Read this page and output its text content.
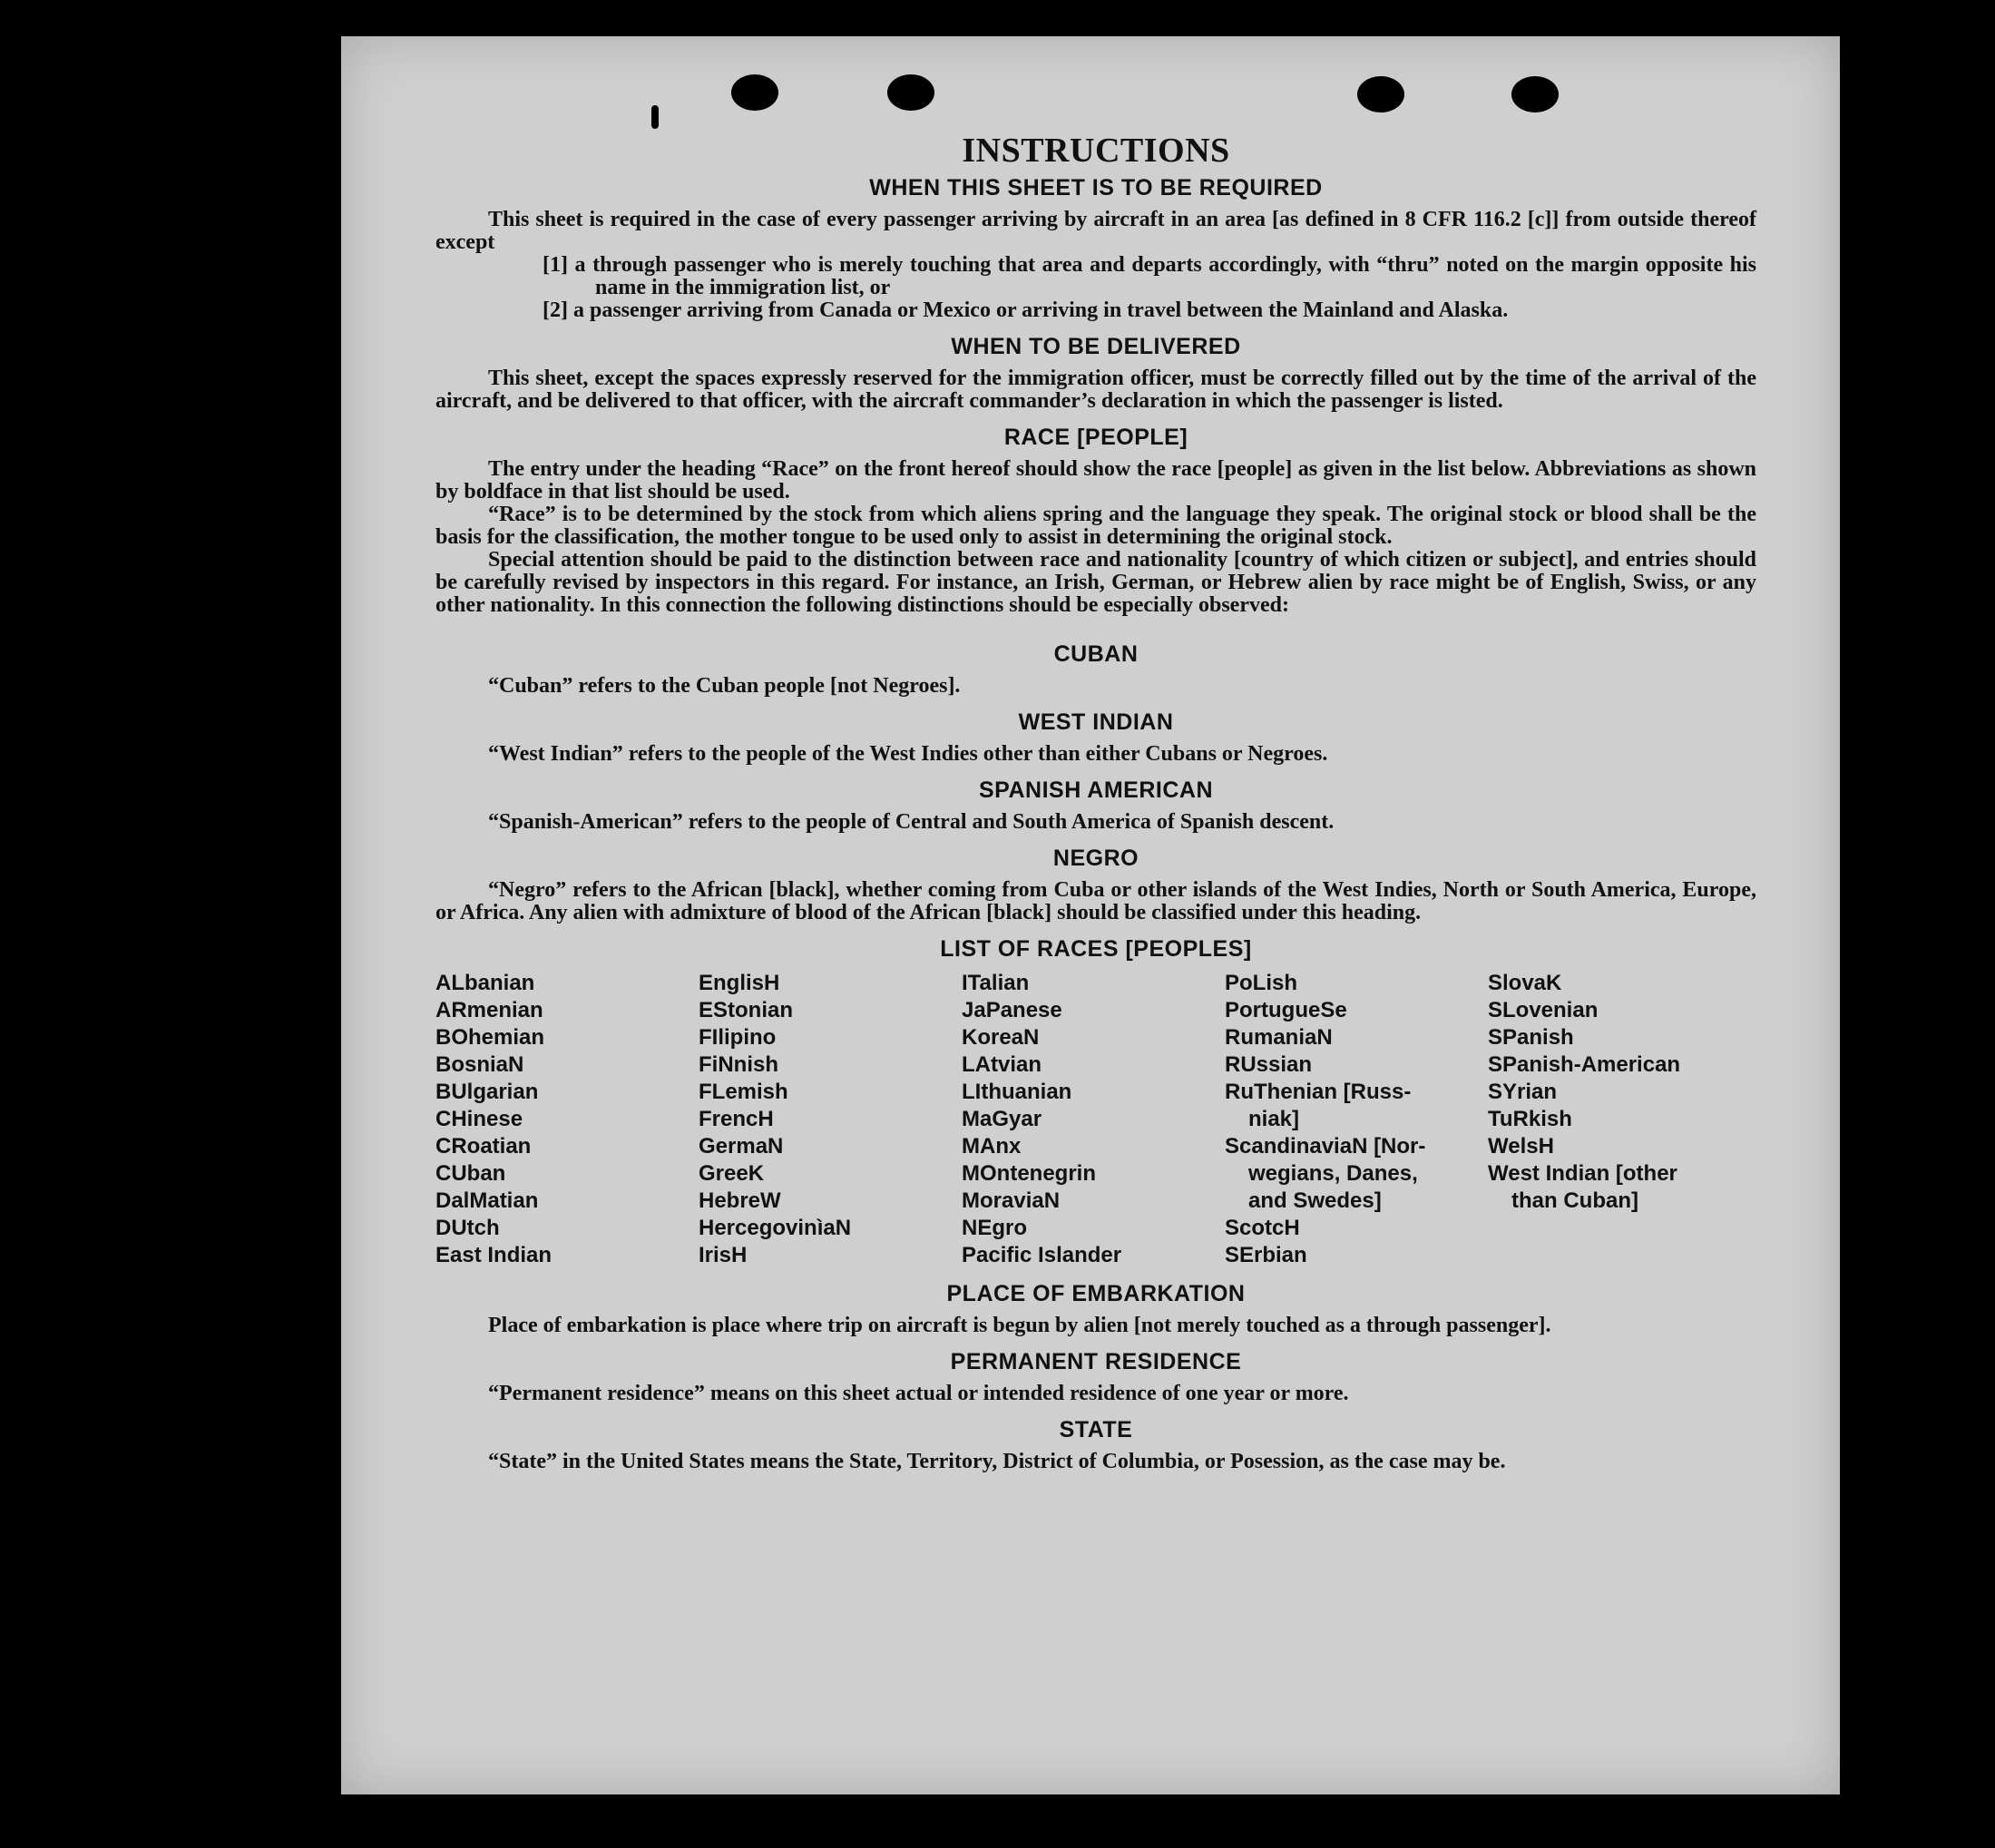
INSTRUCTIONS
WHEN THIS SHEET IS TO BE REQUIRED

This sheet is required in the case of every passenger arriving by aircraft in an area [as defined in 8 CFR 116.2 [c]] from outside thereof except

[1] a through passenger who is merely touching that area and departs accordingly, with “thru” noted on the margin opposite his name in the immigration list, or

[2] a passenger arriving from Canada or Mexico or arriving in travel between the Mainland and Alaska.

WHEN TO BE DELIVERED

This sheet, except the spaces expressly reserved for the immigration officer, must be correctly filled out by the time of the arrival of the aircraft, and be delivered to that officer, with the aircraft commander’s declaration in which the passenger is listed.

RACE [PEOPLE]

The entry under the heading “Race” on the front hereof should show the race [people] as given in the list below. Abbreviations as shown by boldface in that list should be used.

“Race” is to be determined by the stock from which aliens spring and the language they speak. The original stock or blood shall be the basis for the classification, the mother tongue to be used only to assist in determining the original stock.

Special attention should be paid to the distinction between race and nationality [country of which citizen or subject], and entries should be carefully revised by inspectors in this regard. For instance, an Irish, German, or Hebrew alien by race might be of English, Swiss, or any other nationality. In this connection the following distinctions should be especially observed:

CUBAN

“Cuban” refers to the Cuban people [not Negroes].

WEST INDIAN

“West Indian” refers to the people of the West Indies other than either Cubans or Negroes.

SPANISH AMERICAN

“Spanish-American” refers to the people of Central and South America of Spanish descent.

NEGRO

“Negro” refers to the African [black], whether coming from Cuba or other islands of the West Indies, North or South America, Europe, or Africa. Any alien with admixture of blood of the African [black] should be classified under this heading.

LIST OF RACES [PEOPLES]
ALbanian
ARmenian
BOhemian
BosniaN
BUlgarian
CHinese
CRoatian
CUban
DalMatian
DUtch
East Indian
EnglisH
EStonian
FIlipino
FiNnish
FLemish
FrencH
GermaN
GreeK
HebreW
HercegovinìaN
IrisH
ITalian
JaPanese
KoreaN
LAtvian
LIthuanian
MaGyar
MAnx
MOntenegrin
MoraviaN
NEgro
Pacific Islander
PoLish
PortugueSe
RumaniaN
RUssian
RuThenian [Russ-
niak]
ScandinaviaN [Nor-
wegians, Danes,
and Swedes]
ScotcH
SErbian
SlovaK
SLovenian
SPanish
SPanish-American
SYrian
TuRkish
WelsH
West Indian [other
than Cuban]
PLACE OF EMBARKATION

Place of embarkation is place where trip on aircraft is begun by alien [not merely touched as a through passenger].

PERMANENT RESIDENCE

“Permanent residence” means on this sheet actual or intended residence of one year or more.

STATE

“State” in the United States means the State, Territory, District of Columbia, or Posession, as the case may be.
